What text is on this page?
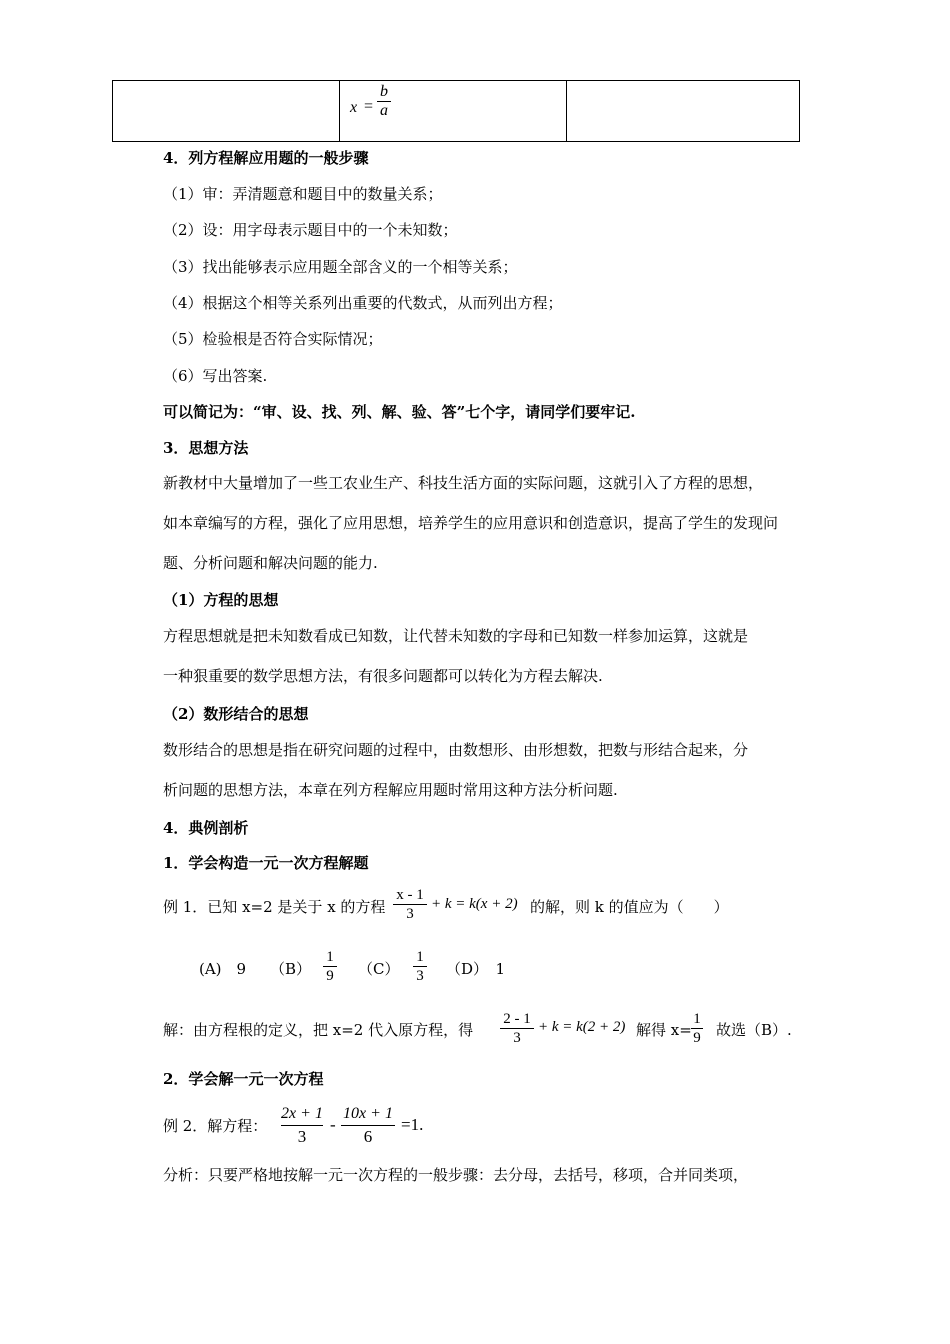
x =
b
a

4．列方程解应用题的一般步骤
（1）审：弄清题意和题目中的数量关系；
（2）设：用字母表示题目中的一个未知数；
（3）找出能够表示应用题全部含义的一个相等关系；
（4）根据这个相等关系列出重要的代数式，从而列出方程；
（5）检验根是否符合实际情况；
（6）写出答案.
可以简记为：“审、设、找、列、解、验、答”七个字，请同学们要牢记.
3．思想方法
新教材中大量增加了一些工农业生产、科技生活方面的实际问题，这就引入了方程的思想，
如本章编写的方程，强化了应用思想，培养学生的应用意识和创造意识，提高了学生的发现问
题、分析问题和解决问题的能力.
（1）方程的思想
方程思想就是把未知数看成已知数，让代替未知数的字母和已知数一样参加运算，这就是
一种狠重要的数学思想方法，有很多问题都可以转化为方程去解决.
（2）数形结合的思想
数形结合的思想是指在研究问题的过程中，由数想形、由形想数，把数与形结合起来，分
析问题的思想方法，本章在列方程解应用题时常用这种方法分析问题.
4．典例剖析
1．学会构造一元一次方程解题
例 1．已知 x=2 是关于 x 的方程
x - 1
3
+ k = k(x + 2) 的解，则 k 的值应为（　　）
(A)　9 （B）
1
9 （C）
1
3 （D）　1
解：由方程根的定义，把 x=2 代入原方程，得
2 - 1
3
+ k = k(2 + 2) 解得 x=
1
9 故选（B）.
2．学会解一元一次方程
例 2．解方程：
2x + 1
3
-
10x + 1
6
=1.
分析：只要严格地按解一元一次方程的一般步骤：去分母，去括号，移项，合并同类项，
